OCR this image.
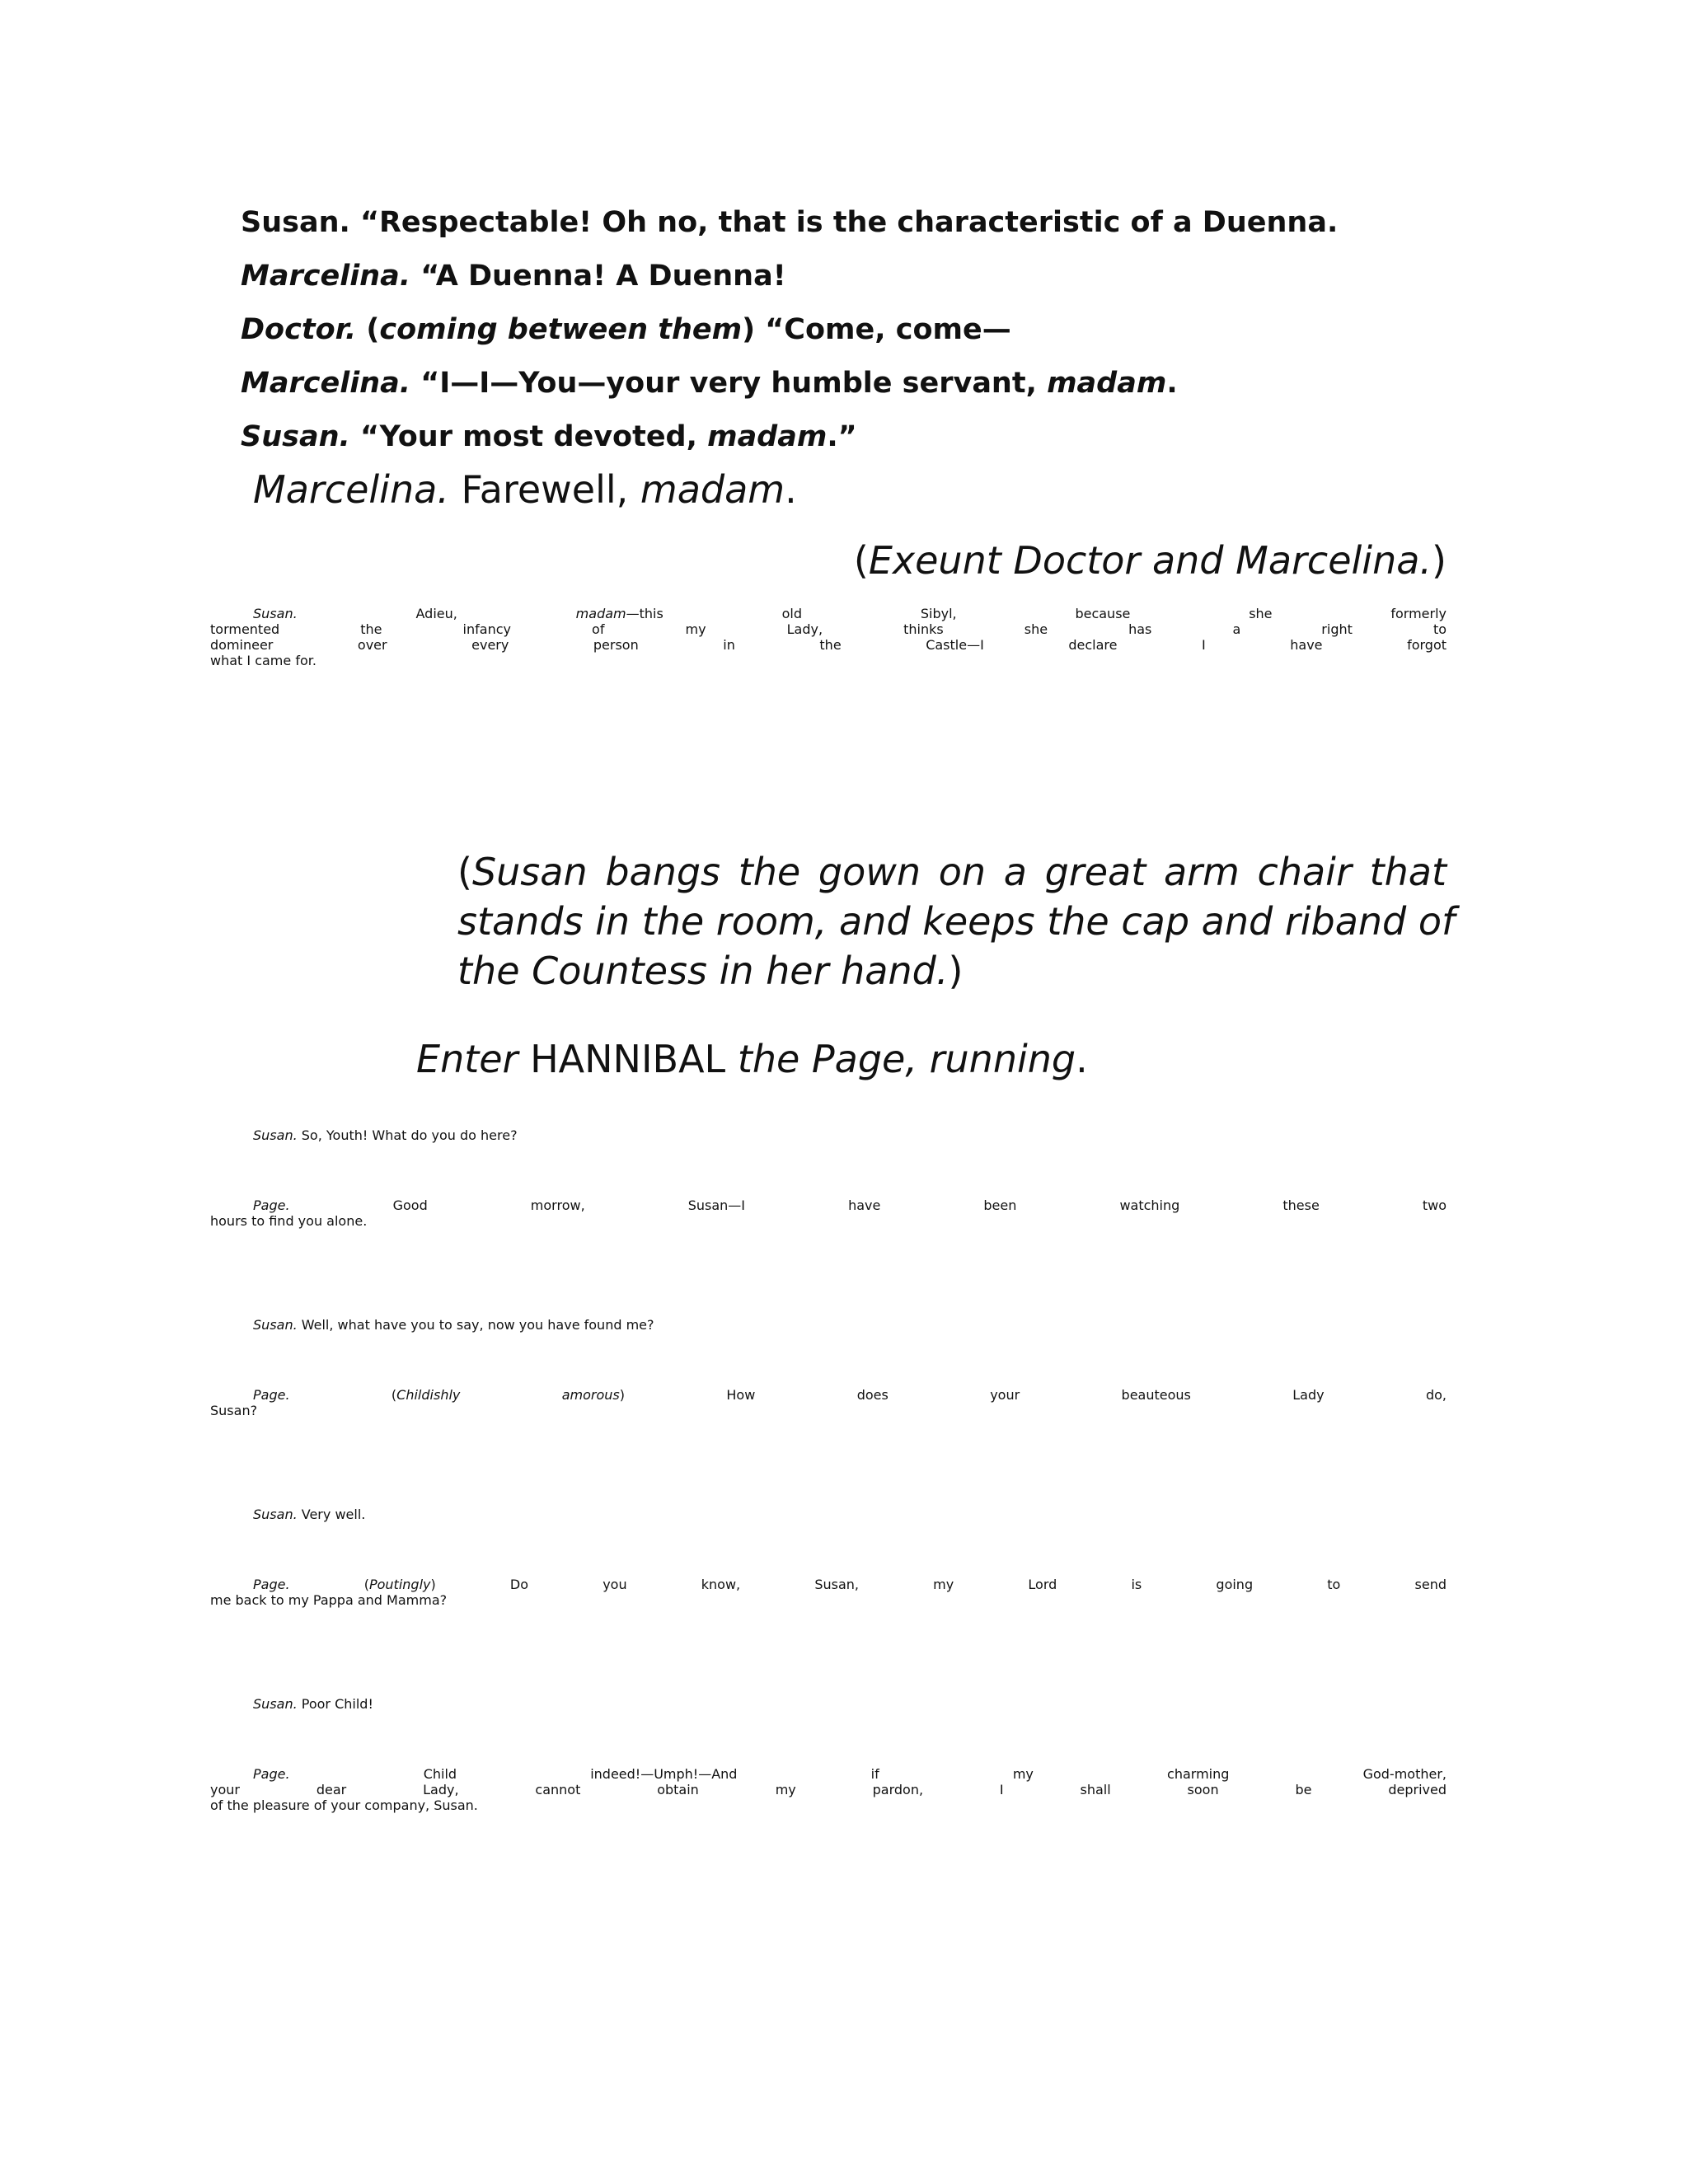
Susan. “Respectable! Oh no, that is the characteristic of a Duenna.
Marcelina. “A Duenna! A Duenna!
Doctor. (coming between them) “Come, come—
Marcelina. “I—I—You—your very humble servant, madam.
Susan. “Your most devoted, madam.”
Marcelina. Farewell, madam.
(Exeunt Doctor and Marcelina.)
Susan. Adieu, madam—this old Sibyl, because she formerly
tormented the infancy of my Lady, thinks she has a right to
domineer over every person in the Castle—I declare I have forgot
what I came for.
(Susan bangs the gown on a great arm chair that
stands in the room, and keeps the cap and riband of
the Countess in her hand.)
Enter HANNIBAL the Page, running.
Susan. So, Youth! What do you do here?
Page. Good morrow, Susan—I have been watching these two
hours to find you alone.
Susan. Well, what have you to say, now you have found me?
Page. (Childishly amorous) How does your beauteous Lady do,
Susan?
Susan. Very well.
Page. (Poutingly) Do you know, Susan, my Lord is going to send
me back to my Pappa and Mamma?
Susan. Poor Child!
Page. Child indeed!—Umph!—And if my charming God-mother,
your dear Lady, cannot obtain my pardon, I shall soon be deprived
of the pleasure of your company, Susan.
